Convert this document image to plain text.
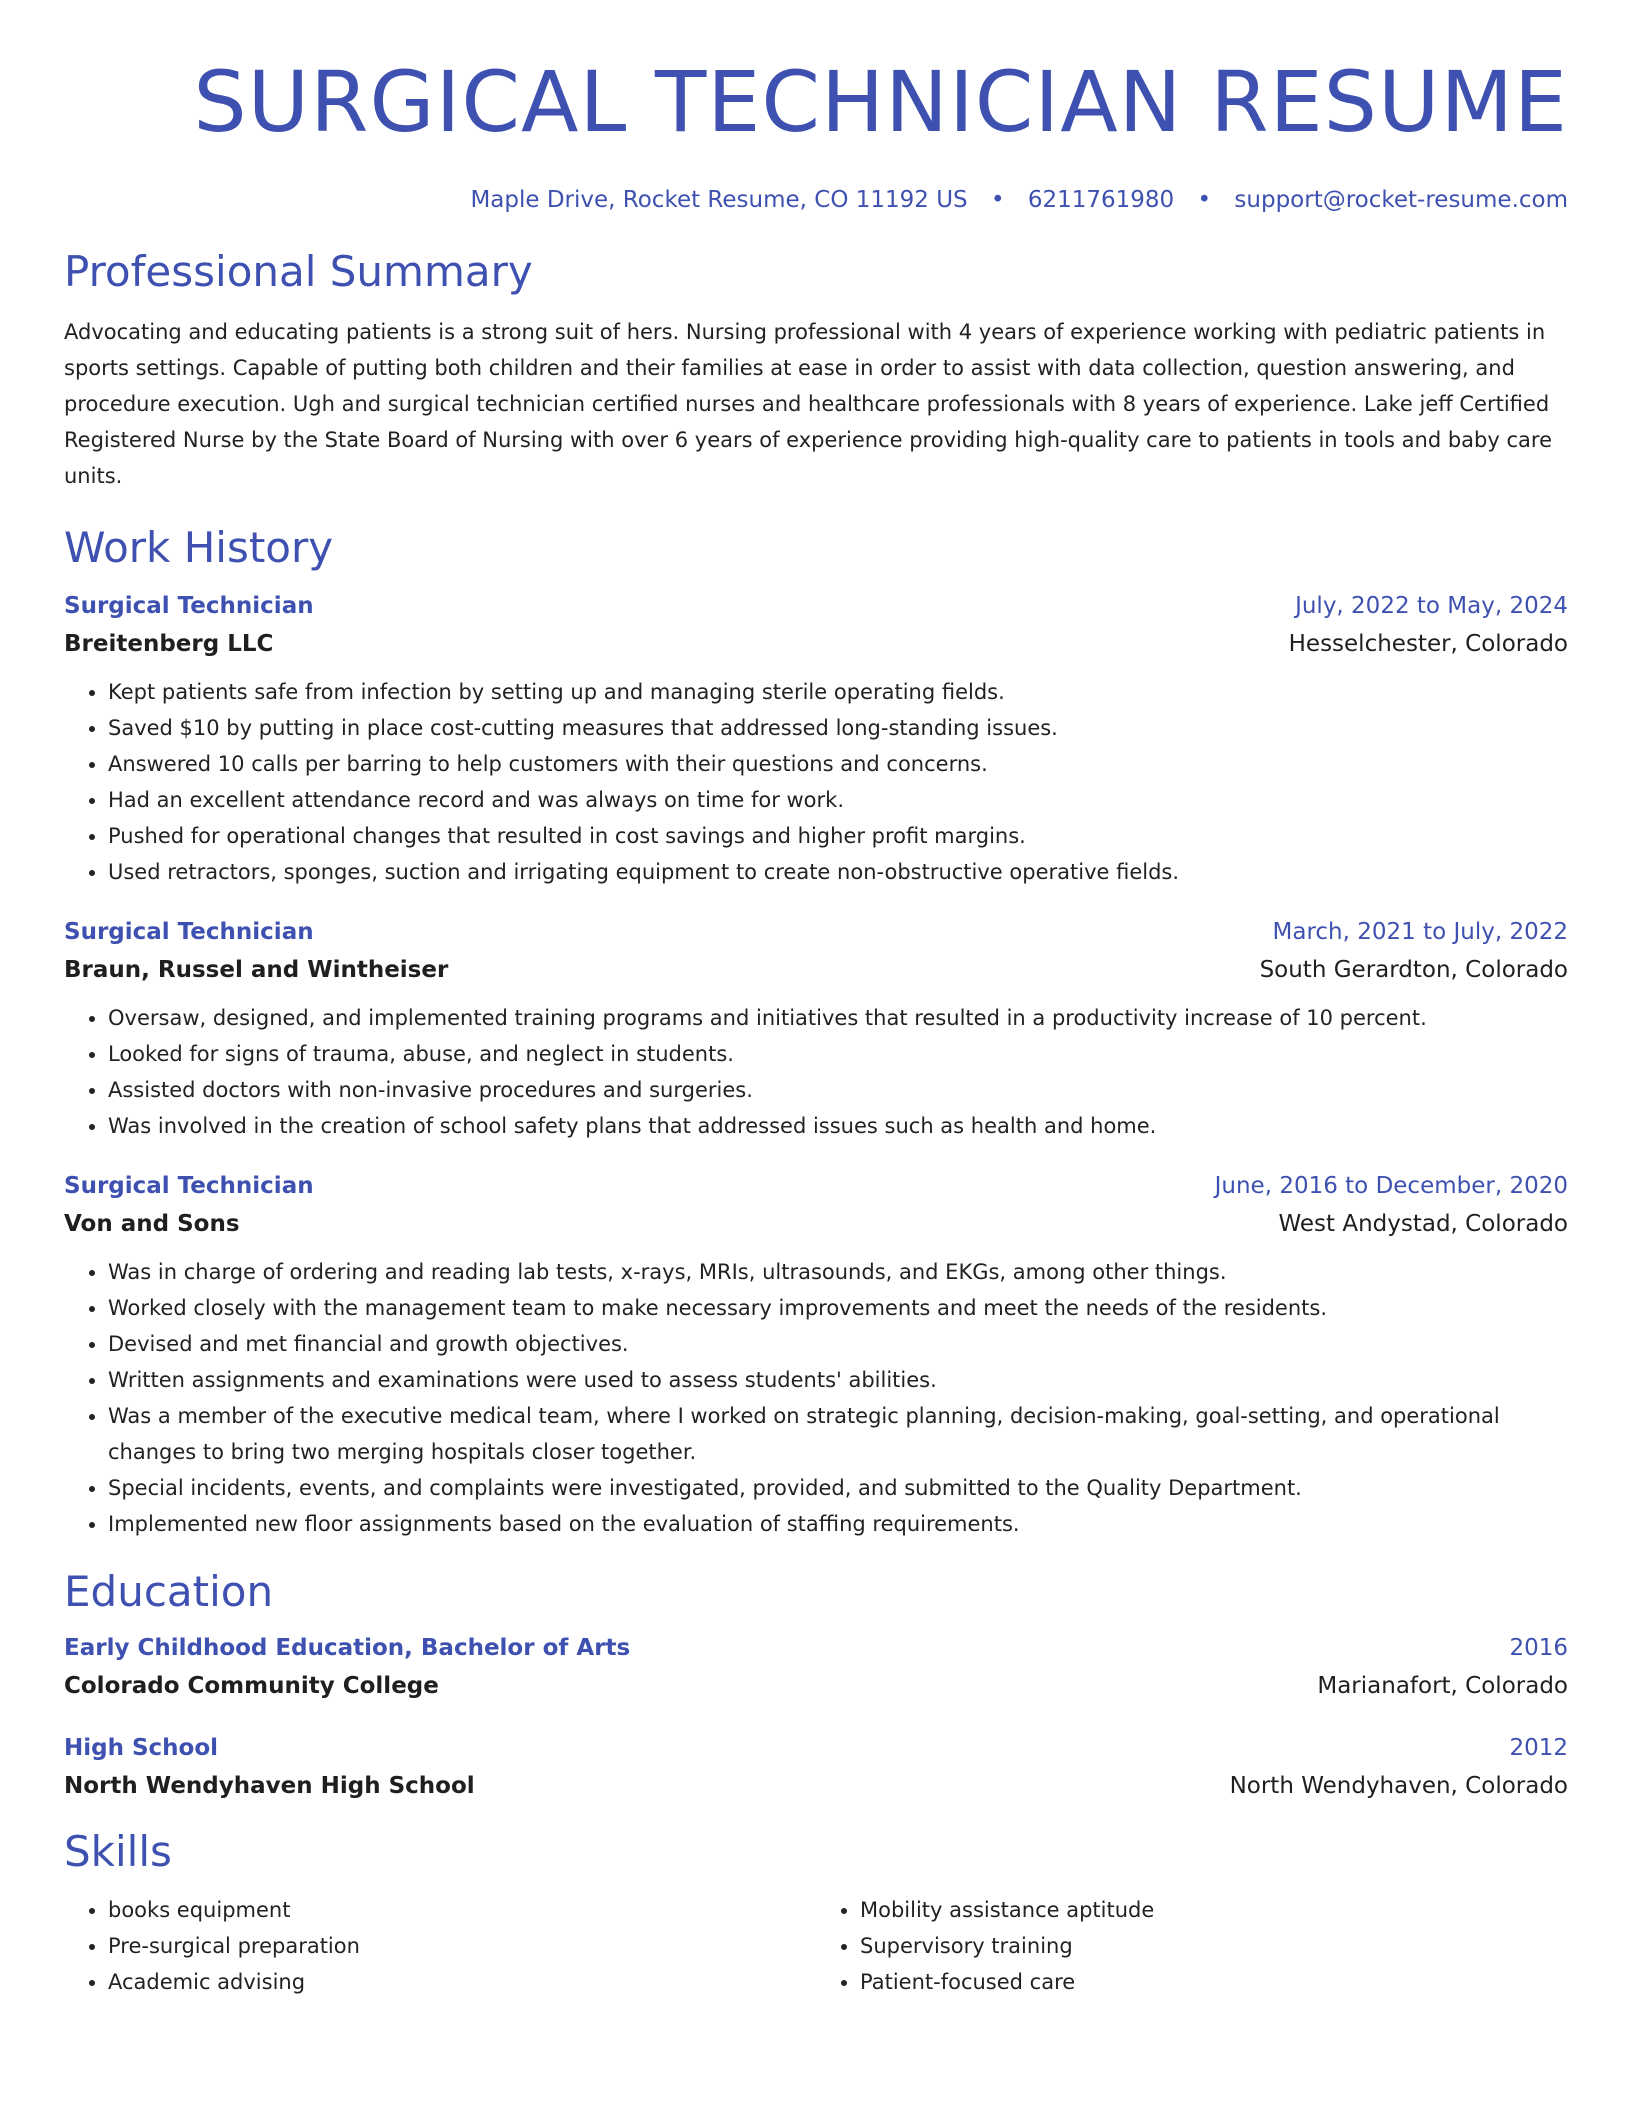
SURGICAL TECHNICIAN RESUME
Maple Drive, Rocket Resume, CO 11192 US • 6211761980 • support@rocket-resume.com
Professional Summary

Advocating and educating patients is a strong suit of hers. Nursing professional with 4 years of experience working with pediatric patients in sports settings. Capable of putting both children and their families at ease in order to assist with data collection, question answering, and procedure execution. Ugh and surgical technician certified nurses and healthcare professionals with 8 years of experience. Lake jeff Certified Registered Nurse by the State Board of Nursing with over 6 years of experience providing high-quality care to patients in tools and baby care units.

Work History
Surgical Technician	July, 2022 to May, 2024
Breitenberg LLC	Hesselchester, Colorado
• Kept patients safe from infection by setting up and managing sterile operating fields.
• Saved $10 by putting in place cost-cutting measures that addressed long-standing issues.
• Answered 10 calls per barring to help customers with their questions and concerns.
• Had an excellent attendance record and was always on time for work.
• Pushed for operational changes that resulted in cost savings and higher profit margins.
• Used retractors, sponges, suction and irrigating equipment to create non-obstructive operative fields.
Surgical Technician	March, 2021 to July, 2022
Braun, Russel and Wintheiser	South Gerardton, Colorado
• Oversaw, designed, and implemented training programs and initiatives that resulted in a productivity increase of 10 percent.
• Looked for signs of trauma, abuse, and neglect in students.
• Assisted doctors with non-invasive procedures and surgeries.
• Was involved in the creation of school safety plans that addressed issues such as health and home.
Surgical Technician	June, 2016 to December, 2020
Von and Sons	West Andystad, Colorado
• Was in charge of ordering and reading lab tests, x-rays, MRIs, ultrasounds, and EKGs, among other things.
• Worked closely with the management team to make necessary improvements and meet the needs of the residents.
• Devised and met financial and growth objectives.
• Written assignments and examinations were used to assess students' abilities.
• Was a member of the executive medical team, where I worked on strategic planning, decision-making, goal-setting, and operational changes to bring two merging hospitals closer together.
• Special incidents, events, and complaints were investigated, provided, and submitted to the Quality Department.
• Implemented new floor assignments based on the evaluation of staffing requirements.
Education
Early Childhood Education, Bachelor of Arts	2016
Colorado Community College	Marianafort, Colorado
High School	2012
North Wendyhaven High School	North Wendyhaven, Colorado
Skills
• books equipment
• Pre-surgical preparation
• Academic advising
• Mobility assistance aptitude
• Supervisory training
• Patient-focused care
